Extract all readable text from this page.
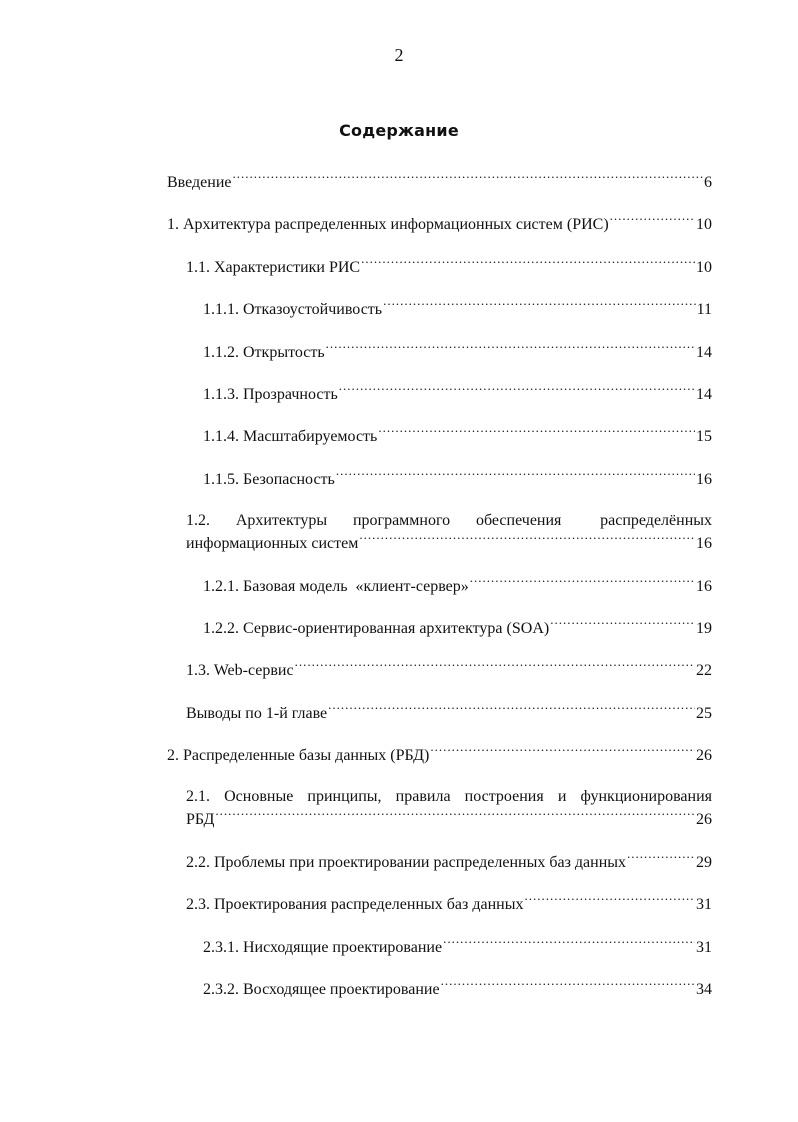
2
Содержание
Введение .....	6
1. Архитектура распределенных информационных систем (РИС) .....	10
1.1. Характеристики РИС .....	10
1.1.1. Отказоустойчивость .....	11
1.1.2. Открытость .....	14
1.1.3. Прозрачность .....	14
1.1.4. Масштабируемость .....	15
1.1.5. Безопасность .....	16
1.2.  Архитектуры  программного  обеспечения   распределённых
информационных систем .....	16
1.2.1. Базовая модель  «клиент-сервер» .....	16
1.2.2. Сервис-ориентированная архитектура (SOA) .....	19
1.3. Web-сервис .....	22
Выводы по 1-й главе .....	25
2. Распределенные базы данных (РБД) .....	26
2.1.  Основные  принципы,  правила  построения  и  функционирования
РБД .....	26
2.2. Проблемы при проектировании распределенных баз данных .....	29
2.3. Проектирования распределенных баз данных .....	31
2.3.1. Нисходящие проектирование .....	31
2.3.2. Восходящее проектирование .....	34
